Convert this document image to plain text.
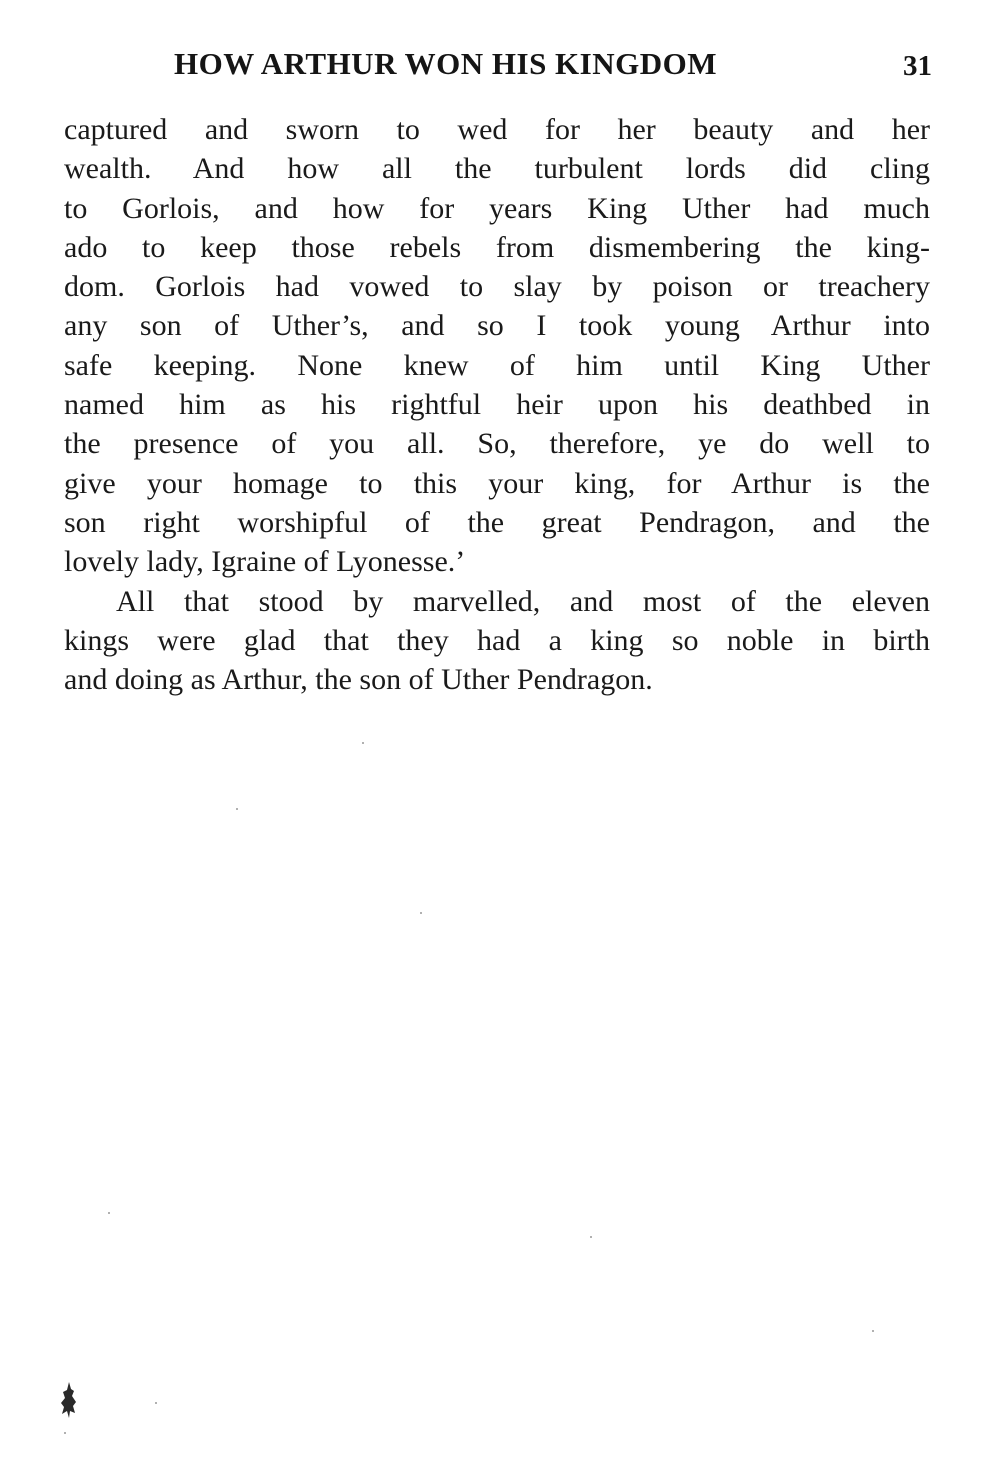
HOW ARTHUR WON HIS KINGDOM	31
captured and sworn to wed for her beauty and her
wealth. And how all the turbulent lords did cling
to Gorlois, and how for years King Uther had much
ado to keep those rebels from dismembering the king-
dom. Gorlois had vowed to slay by poison or treachery
any son of Uther’s, and so I took young Arthur into
safe keeping. None knew of him until King Uther
named him as his rightful heir upon his deathbed in
the presence of you all. So, therefore, ye do well to
give your homage to this your king, for Arthur is the
son right worshipful of the great Pendragon, and the
lovely lady, Igraine of Lyonesse.’
All that stood by marvelled, and most of the eleven
kings were glad that they had a king so noble in birth
and doing as Arthur, the son of Uther Pendragon.
